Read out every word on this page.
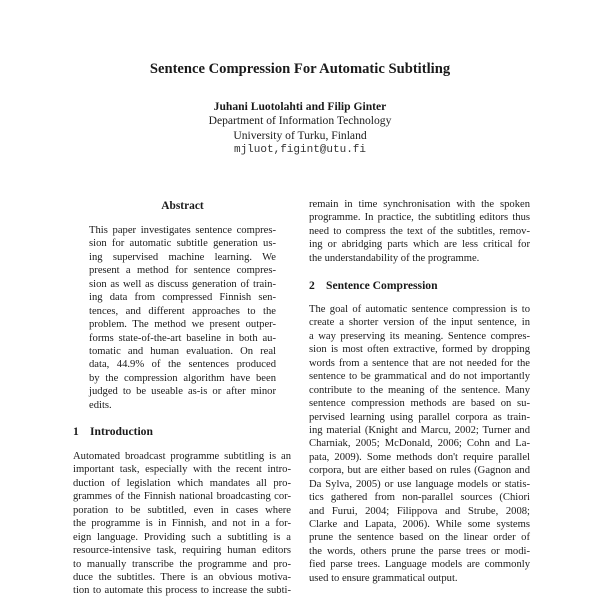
Sentence Compression For Automatic Subtitling
Juhani Luotolahti and Filip Ginter
Department of Information Technology
University of Turku, Finland
mjluot,figint@utu.fi
Abstract
This paper investigates sentence compres-
sion for automatic subtitle generation us-
ing supervised machine learning. We
present a method for sentence compres-
sion as well as discuss generation of train-
ing data from compressed Finnish sen-
tences, and different approaches to the
problem. The method we present outper-
forms state-of-the-art baseline in both au-
tomatic and human evaluation. On real
data, 44.9% of the sentences produced
by the compression algorithm have been
judged to be useable as-is or after minor
edits.
1 Introduction
Automated broadcast programme subtitling is an
important task, especially with the recent intro-
duction of legislation which mandates all pro-
grammes of the Finnish national broadcasting cor-
poration to be subtitled, even in cases where
the programme is in Finnish, and not in a for-
eign language. Providing such a subtitling is a
resource-intensive task, requiring human editors
to manually transcribe the programme and pro-
duce the subtitles. There is an obvious motiva-
tion to automate this process to increase the subti-
remain in time synchronisation with the spoken
programme. In practice, the subtitling editors thus
need to compress the text of the subtitles, remov-
ing or abridging parts which are less critical for
the understandability of the programme.
2 Sentence Compression
The goal of automatic sentence compression is to
create a shorter version of the input sentence, in
a way preserving its meaning. Sentence compres-
sion is most often extractive, formed by dropping
words from a sentence that are not needed for the
sentence to be grammatical and do not importantly
contribute to the meaning of the sentence. Many
sentence compression methods are based on su-
pervised learning using parallel corpora as train-
ing material (Knight and Marcu, 2002; Turner and
Charniak, 2005; McDonald, 2006; Cohn and La-
pata, 2009). Some methods don't require parallel
corpora, but are either based on rules (Gagnon and
Da Sylva, 2005) or use language models or statis-
tics gathered from non-parallel sources (Chiori
and Furui, 2004; Filippova and Strube, 2008;
Clarke and Lapata, 2006). While some systems
prune the sentence based on the linear order of
the words, others prune the parse trees or modi-
fied parse trees. Language models are commonly
used to ensure grammatical output.
